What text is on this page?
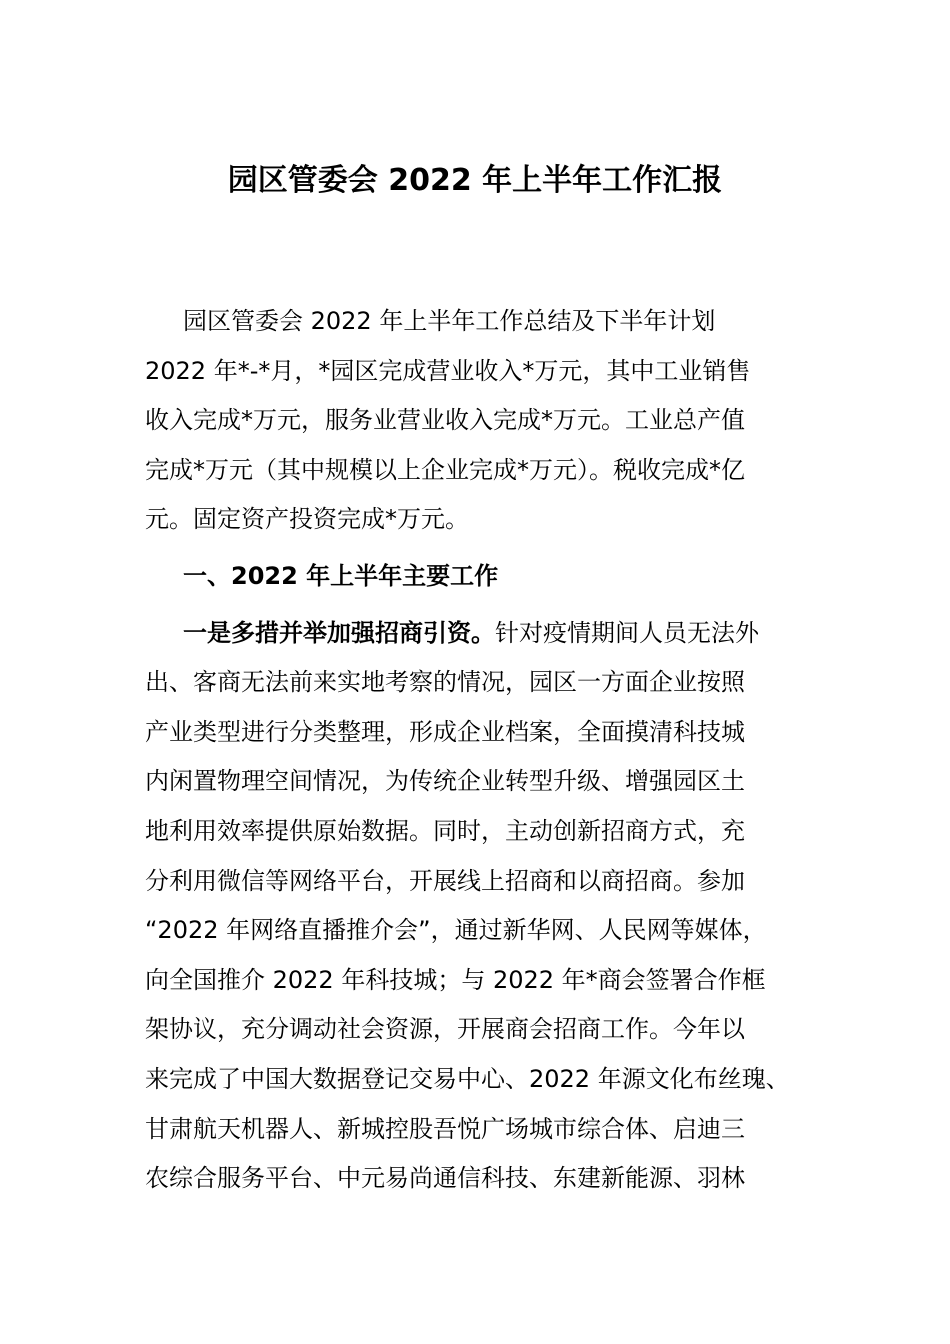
园区管委会 2022 年上半年工作汇报
园区管委会 2022 年上半年工作总结及下半年计划
2022 年*-*月，*园区完成营业收入*万元，其中工业销售
收入完成*万元，服务业营业收入完成*万元。工业总产值
完成*万元（其中规模以上企业完成*万元）。税收完成*亿
元。固定资产投资完成*万元。
一、2022 年上半年主要工作
一是多措并举加强招商引资。针对疫情期间人员无法外
出、客商无法前来实地考察的情况，园区一方面企业按照
产业类型进行分类整理，形成企业档案，全面摸清科技城
内闲置物理空间情况，为传统企业转型升级、增强园区土
地利用效率提供原始数据。同时，主动创新招商方式，充
分利用微信等网络平台，开展线上招商和以商招商。参加
“2022 年网络直播推介会”，通过新华网、人民网等媒体，
向全国推介 2022 年科技城；与 2022 年*商会签署合作框
架协议，充分调动社会资源，开展商会招商工作。今年以
来完成了中国大数据登记交易中心、2022 年源文化布丝瑰、
甘肃航天机器人、新城控股吾悦广场城市综合体、启迪三
农综合服务平台、中元易尚通信科技、东建新能源、羽林
